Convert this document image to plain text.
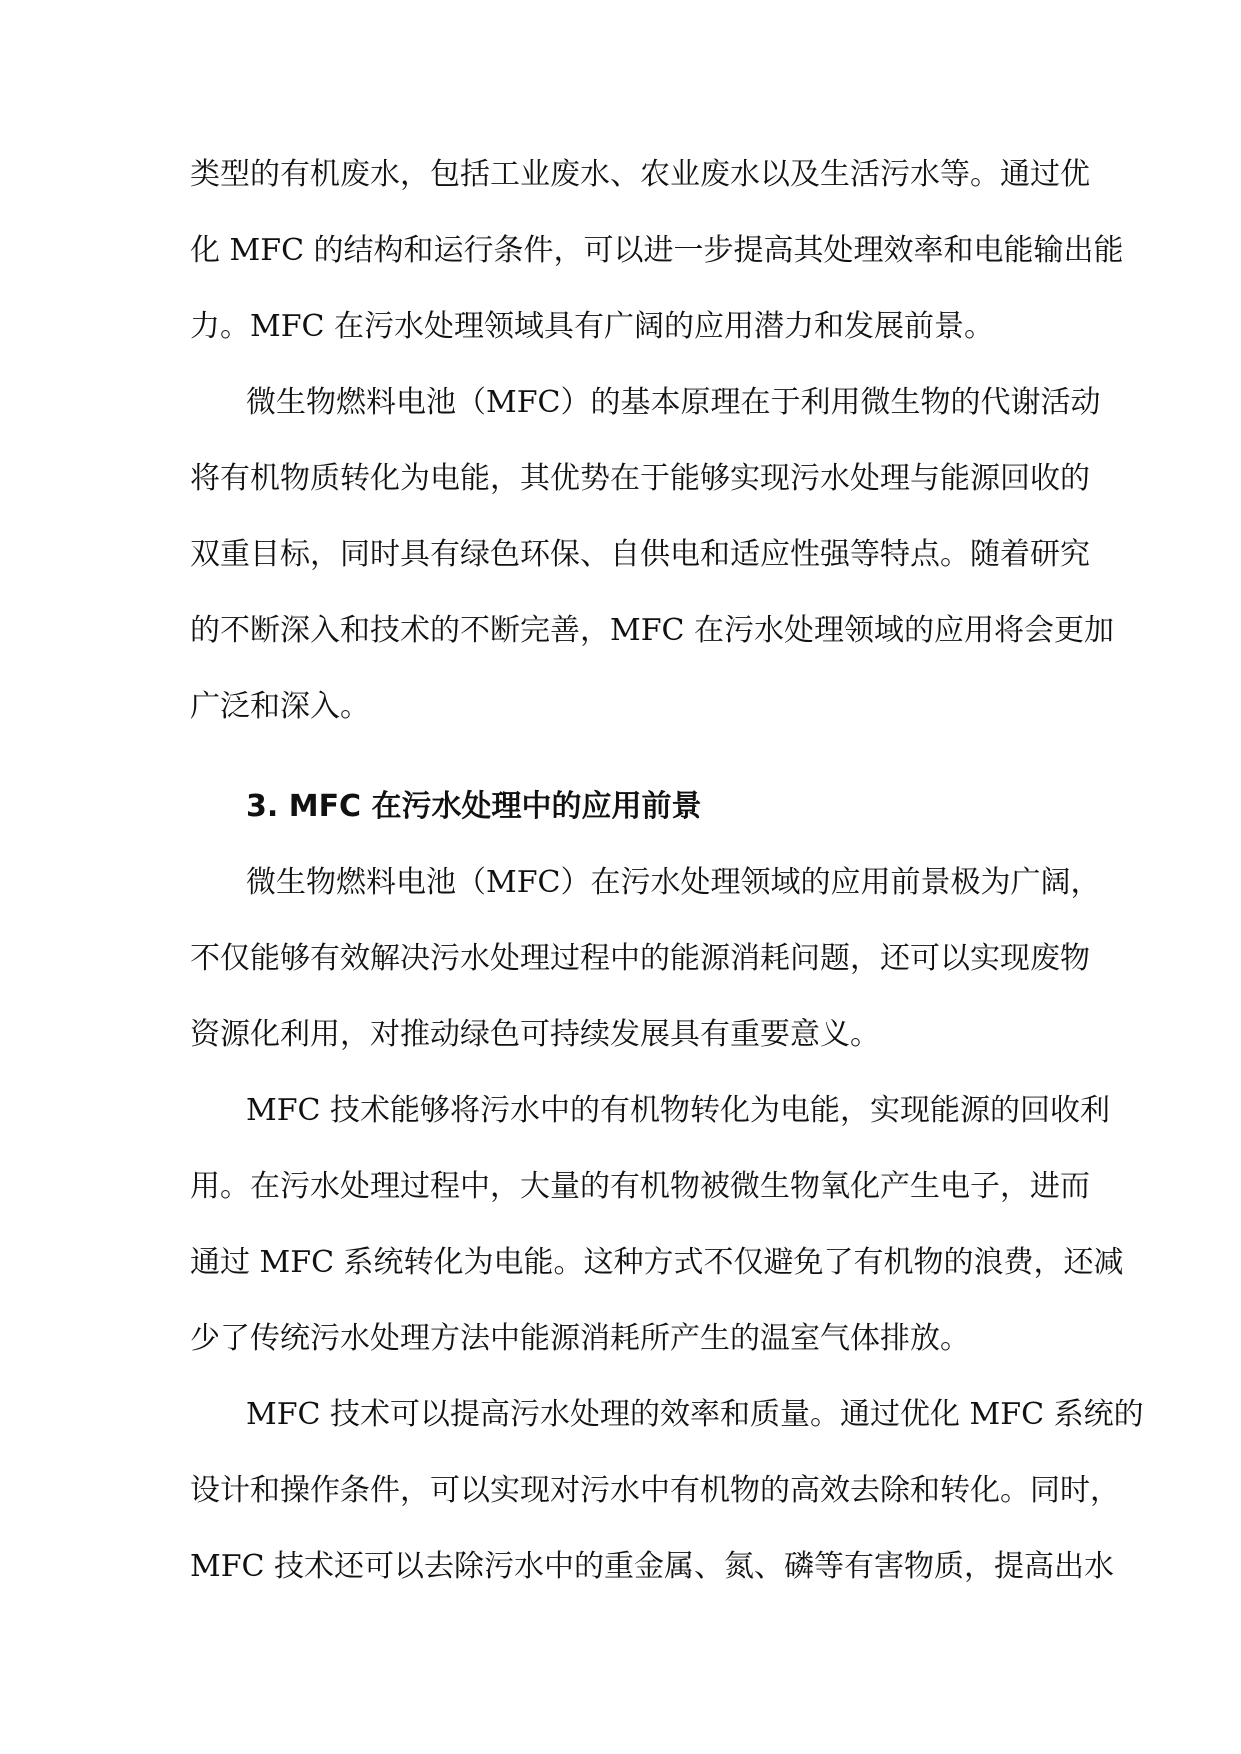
类型的有机废水，包括工业废水、农业废水以及生活污水等。通过优
化 MFC 的结构和运行条件，可以进一步提高其处理效率和电能输出能
力。MFC 在污水处理领域具有广阔的应用潜力和发展前景。
微生物燃料电池（MFC）的基本原理在于利用微生物的代谢活动
将有机物质转化为电能，其优势在于能够实现污水处理与能源回收的
双重目标，同时具有绿色环保、自供电和适应性强等特点。随着研究
的不断深入和技术的不断完善，MFC 在污水处理领域的应用将会更加
广泛和深入。
3. MFC 在污水处理中的应用前景
微生物燃料电池（MFC）在污水处理领域的应用前景极为广阔，
不仅能够有效解决污水处理过程中的能源消耗问题，还可以实现废物
资源化利用，对推动绿色可持续发展具有重要意义。
MFC 技术能够将污水中的有机物转化为电能，实现能源的回收利
用。在污水处理过程中，大量的有机物被微生物氧化产生电子，进而
通过 MFC 系统转化为电能。这种方式不仅避免了有机物的浪费，还减
少了传统污水处理方法中能源消耗所产生的温室气体排放。
MFC 技术可以提高污水处理的效率和质量。通过优化 MFC 系统的
设计和操作条件，可以实现对污水中有机物的高效去除和转化。同时，
MFC 技术还可以去除污水中的重金属、氮、磷等有害物质，提高出水
